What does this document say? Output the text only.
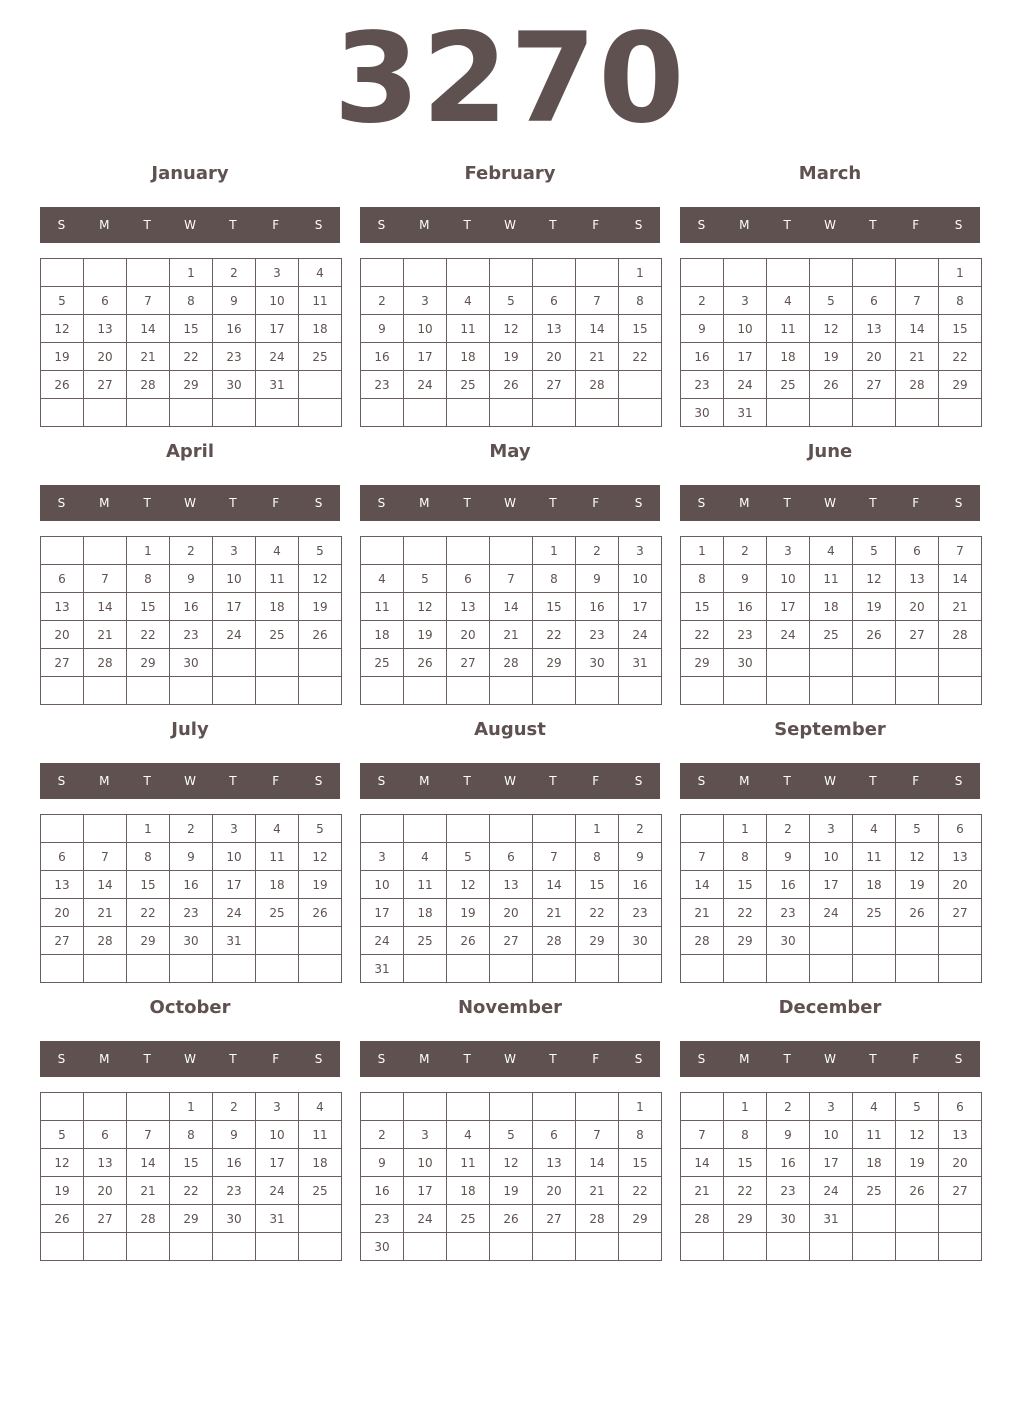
3270
January
S	M	T	W	T	F	S
			1	2	3	4
5	6	7	8	9	10	11
12	13	14	15	16	17	18
19	20	21	22	23	24	25
26	27	28	29	30	31	

February
S	M	T	W	T	F	S
						1
2	3	4	5	6	7	8
9	10	11	12	13	14	15
16	17	18	19	20	21	22
23	24	25	26	27	28	

March
S	M	T	W	T	F	S
						1
2	3	4	5	6	7	8
9	10	11	12	13	14	15
16	17	18	19	20	21	22
23	24	25	26	27	28	29
30	31					
April
S	M	T	W	T	F	S
		1	2	3	4	5
6	7	8	9	10	11	12
13	14	15	16	17	18	19
20	21	22	23	24	25	26
27	28	29	30			

May
S	M	T	W	T	F	S
				1	2	3
4	5	6	7	8	9	10
11	12	13	14	15	16	17
18	19	20	21	22	23	24
25	26	27	28	29	30	31

June
S	M	T	W	T	F	S
1	2	3	4	5	6	7
8	9	10	11	12	13	14
15	16	17	18	19	20	21
22	23	24	25	26	27	28
29	30					

July
S	M	T	W	T	F	S
		1	2	3	4	5
6	7	8	9	10	11	12
13	14	15	16	17	18	19
20	21	22	23	24	25	26
27	28	29	30	31		

August
S	M	T	W	T	F	S
					1	2
3	4	5	6	7	8	9
10	11	12	13	14	15	16
17	18	19	20	21	22	23
24	25	26	27	28	29	30
31						
September
S	M	T	W	T	F	S
	1	2	3	4	5	6
7	8	9	10	11	12	13
14	15	16	17	18	19	20
21	22	23	24	25	26	27
28	29	30				

October
S	M	T	W	T	F	S
			1	2	3	4
5	6	7	8	9	10	11
12	13	14	15	16	17	18
19	20	21	22	23	24	25
26	27	28	29	30	31	

November
S	M	T	W	T	F	S
						1
2	3	4	5	6	7	8
9	10	11	12	13	14	15
16	17	18	19	20	21	22
23	24	25	26	27	28	29
30						
December
S	M	T	W	T	F	S
	1	2	3	4	5	6
7	8	9	10	11	12	13
14	15	16	17	18	19	20
21	22	23	24	25	26	27
28	29	30	31			
